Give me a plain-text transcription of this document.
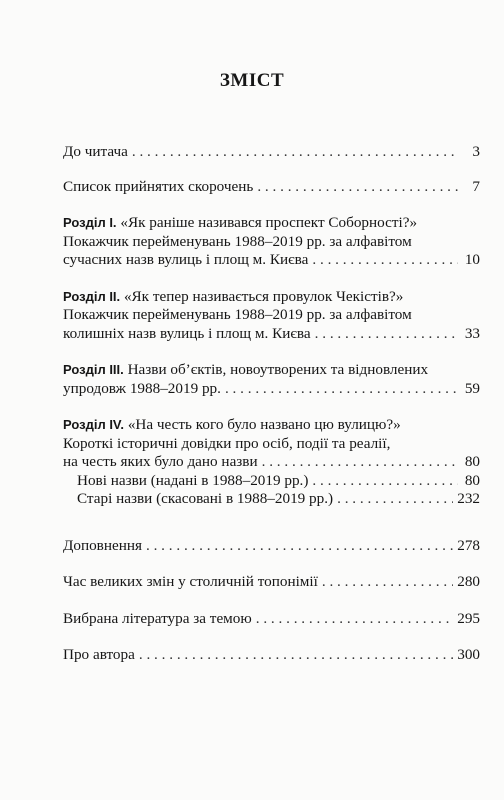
ЗМІСТ
До читача . . .	3
Список прийнятих скорочень . . .	7
Розділ I. «Як раніше називався проспект Соборності?»
Покажчик перейменувань 1988–2019 рр. за алфавітом
сучасних назв вулиць і площ м. Києва . . .	10
Розділ II. «Як тепер називається провулок Чекістів?»
Покажчик перейменувань 1988–2019 рр. за алфавітом
колишніх назв вулиць і площ м. Києва . . .	33
Розділ III. Назви об’єктів, новоутворених та відновлених
упродовж 1988–2019 рр. . . .	59
Розділ IV. «На честь кого було названо цю вулицю?»
Короткі історичні довідки про осіб, події та реалії,
на честь яких було дано назви . . .	80
Нові назви (надані в 1988–2019 рр.) . . .	80
Старі назви (скасовані в 1988–2019 рр.) . . .	232
Доповнення . . .	278
Час великих змін у столичній топонімії . . .	280
Вибрана література за темою . . .	295
Про автора . . .	300
